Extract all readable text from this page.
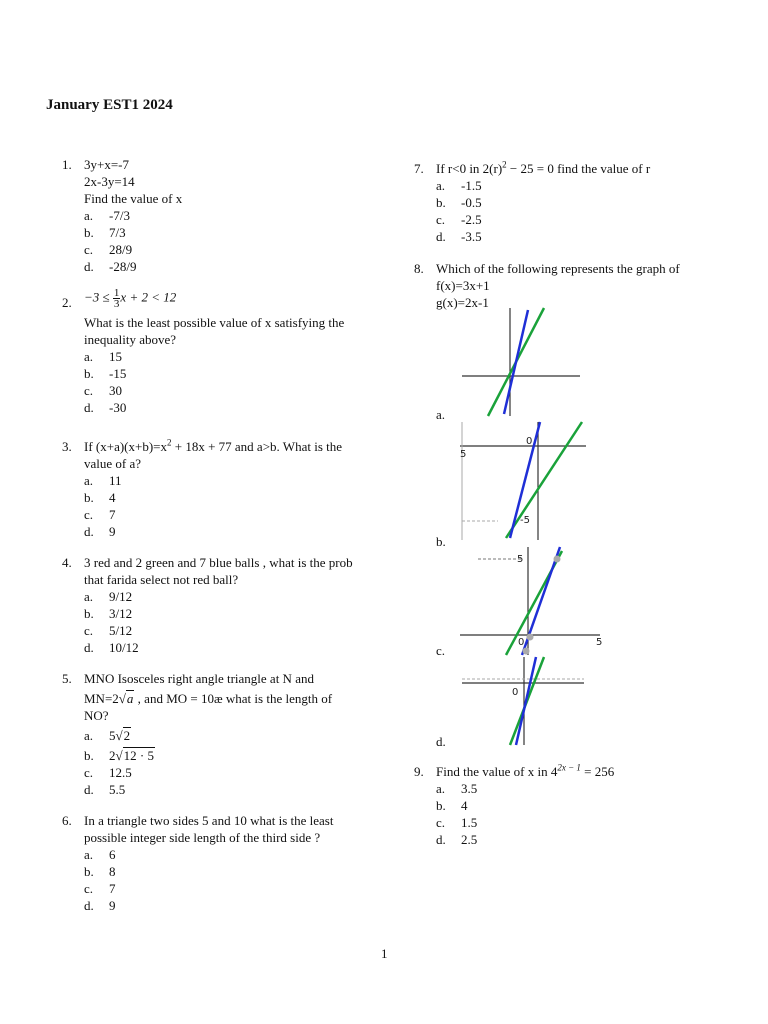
January EST1 2024
1. 3y+x=-7
2x-3y=14
Find the value of x
a.	-7/3
b.	7/3
c.	28/9
d.	-28/9
2. $-3 \le \frac{1}{3}$ x + 2 < 12
What is the least possible value of x satisfying the
inequality above?
a.	15
b.	-15
c.	30
d.	-30
3. If $(x+a)(x+b)=x^2 + 18x + 77$ and a>b. What is the
value of a?
a.	11
b.	4
c.	7
d.	9
4. 3 red and 2 green and 7 blue balls , what is the prob
that farida select not red ball?
a.	9/12
b.	3/12
c.	5/12
d.	10/12
5. MNO Isosceles right angle triangle at N and
MN=2√a , and MO = 10æ what is the length of
NO?
a.	5√2
b.	2√12 · 5
c.	12.5
d.	5.5
6. In a triangle two sides 5 and 10 what is the least
possible integer side length of the third side ?
a.	6
b.	8
c.	7
d.	9
7. If r<0 in $2(r)^2 - 25 = 0$ find the value of r
a.	-1.5
b.	-0.5
c.	-2.5
d.	-3.5
8. Which of the following represents the graph of
f(x)=3x+1
g(x)=2x-1
a.
b.
c.
d.
5
0
-5
5
0	5
0
9. Find the value of x in $4^{2x - 1} = 256$
a.	3.5
b.	4
c.	1.5
d.	2.5
1
